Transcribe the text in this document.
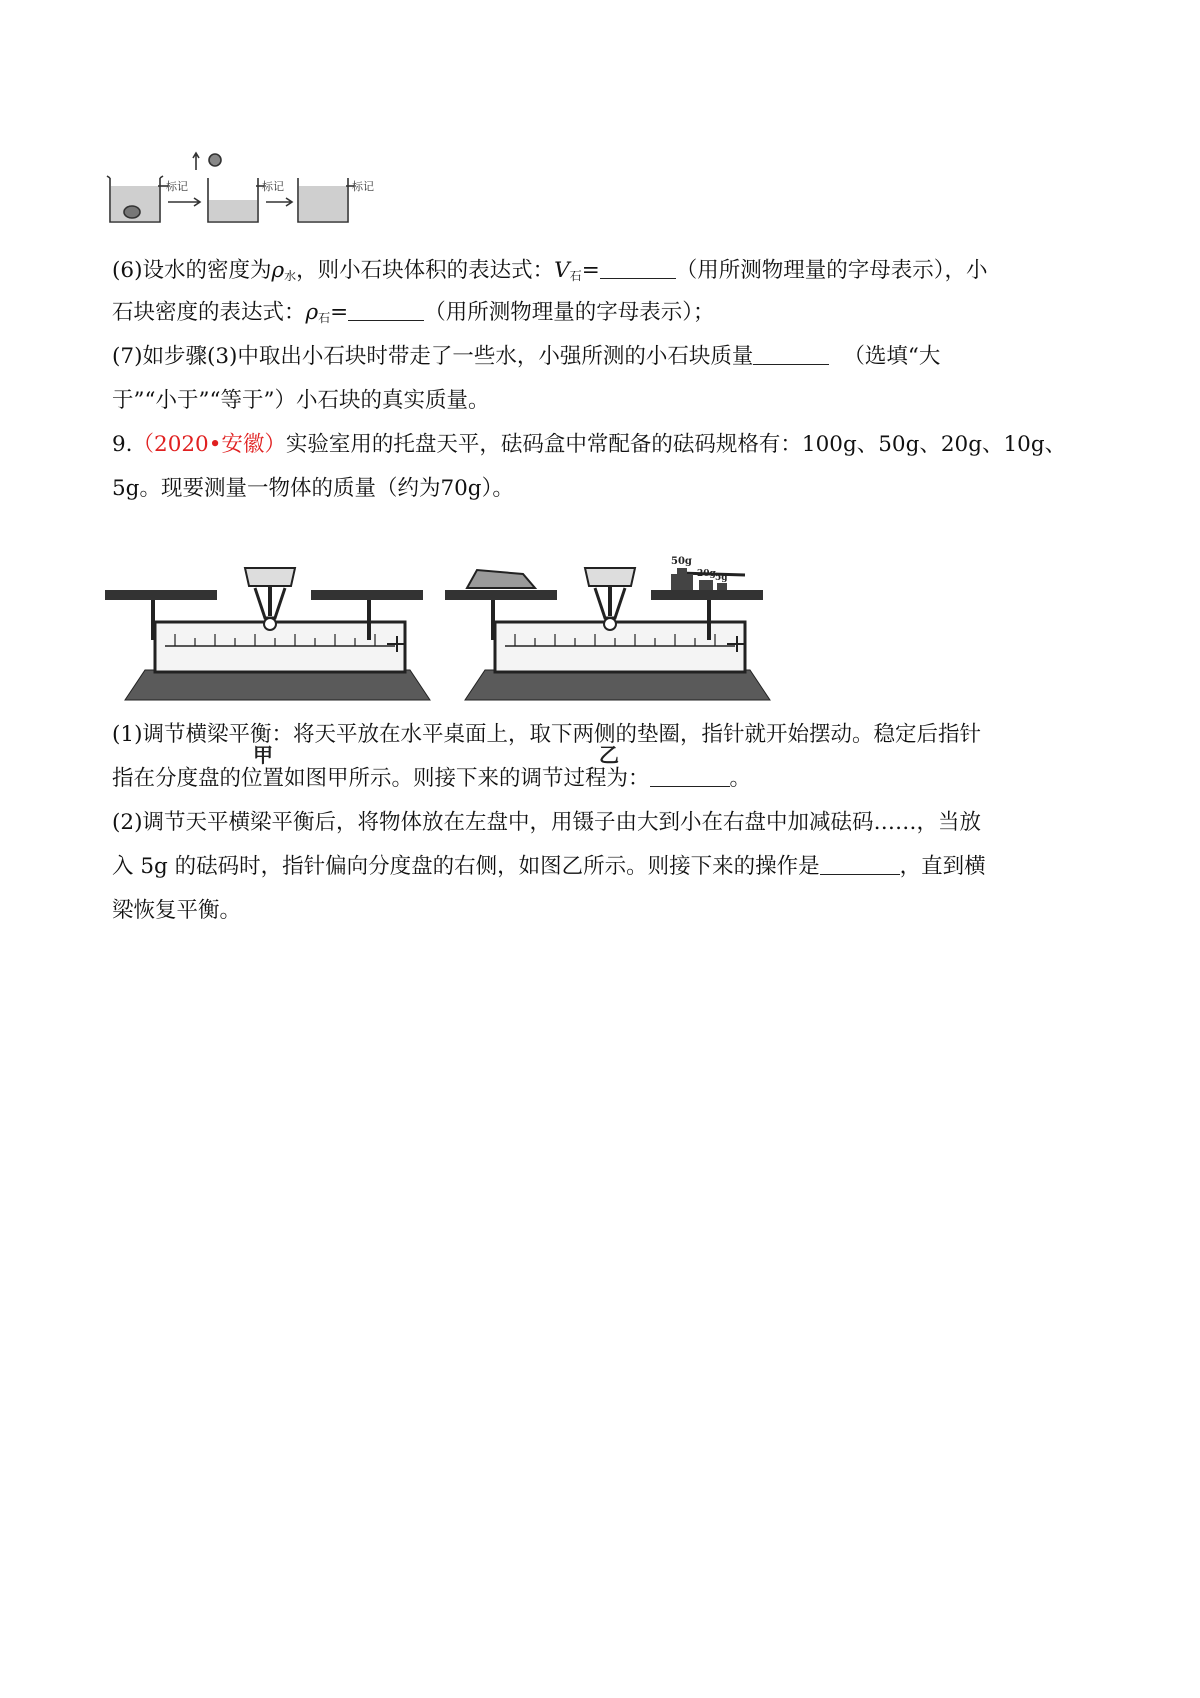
标记	标记	标记
(6)设水的密度为$\rho_水$，则小石块体积的表达式：$V_石=$	（用所测物理量的字母表示），小
石块密度的表达式：$\rho_石=$	（用所测物理量的字母表示）；
(7)如步骤(3)中取出小石块时带走了一些水，小强所测的小石块质量	（选填“大
于”“小于”“等于”）小石块的真实质量。
9.（2020•安徽）实验室用的托盘天平，砝码盒中常配备的砝码规格有：100g、50g、20g、10g、
5g。现要测量一物体的质量（约为70g）。
甲
50g
20g 5g
乙
(1)调节横梁平衡：将天平放在水平桌面上，取下两侧的垫圈，指针就开始摆动。稳定后指针
指在分度盘的位置如图甲所示。则接下来的调节过程为：	。
(2)调节天平横梁平衡后，将物体放在左盘中，用镊子由大到小在右盘中加减砝码……，当放
入 5g 的砝码时，指针偏向分度盘的右侧，如图乙所示。则接下来的操作是	，直到横
梁恢复平衡。
